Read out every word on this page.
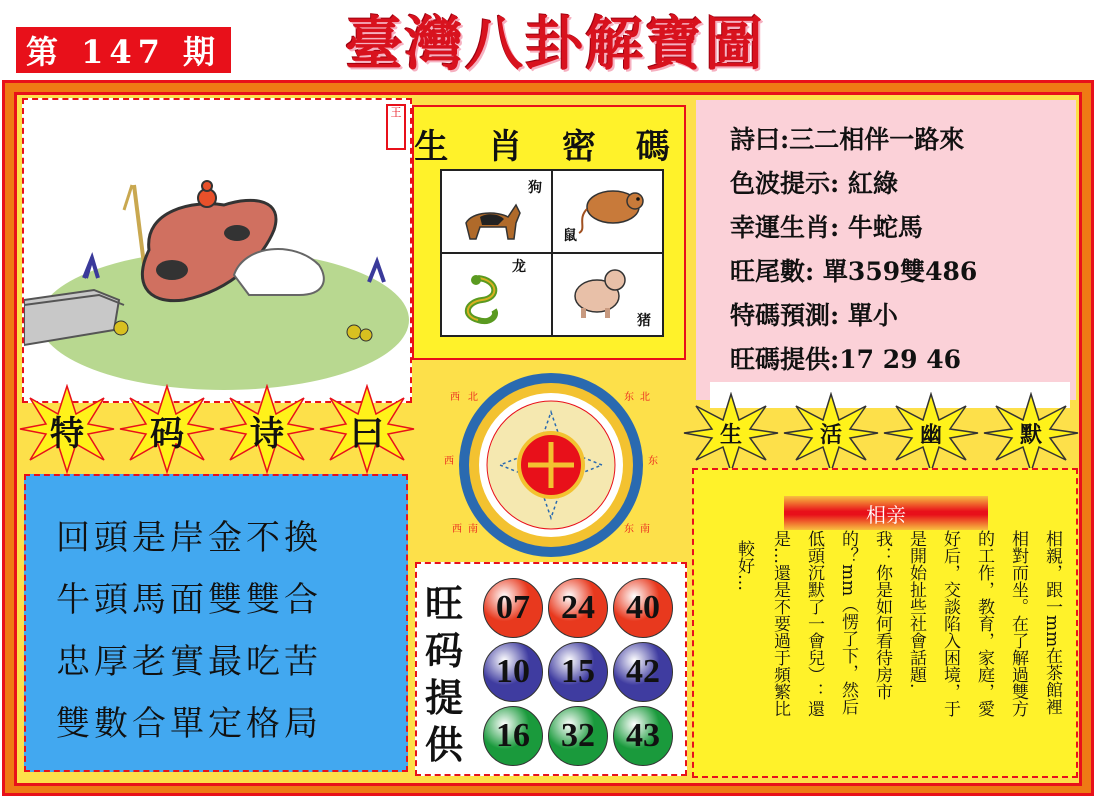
第 147 期 臺灣八卦解寶圖
王
生 肖 密 碼
狗
鼠
龙
猪
詩曰:三二相伴一路來
色波提示: 紅綠
幸運生肖: 牛蛇馬
旺尾數: 單359雙486
特碼預測: 單小
旺碼提供:17 29 46
特 码 诗 曰	生	活	幽	默
西 北	东 北
西	东
西 南	东 南
回頭是岸金不換
牛頭馬面雙雙合
忠厚老實最吃苦
雙數合單定格局
旺码提供
07 24 40
10 15 42
16 32 43
相亲
相親，跟一mm在茶館裡
相對而坐。在了解過雙方
的工作，教育，家庭，愛
好后，交談陷入困境，于
是開始扯些社會話題.
我：你是如何看待房市
的？mm（愣了下，然后
低頭沉默了一會兒）：還
是…還是不要過于頻繁比
較好…
